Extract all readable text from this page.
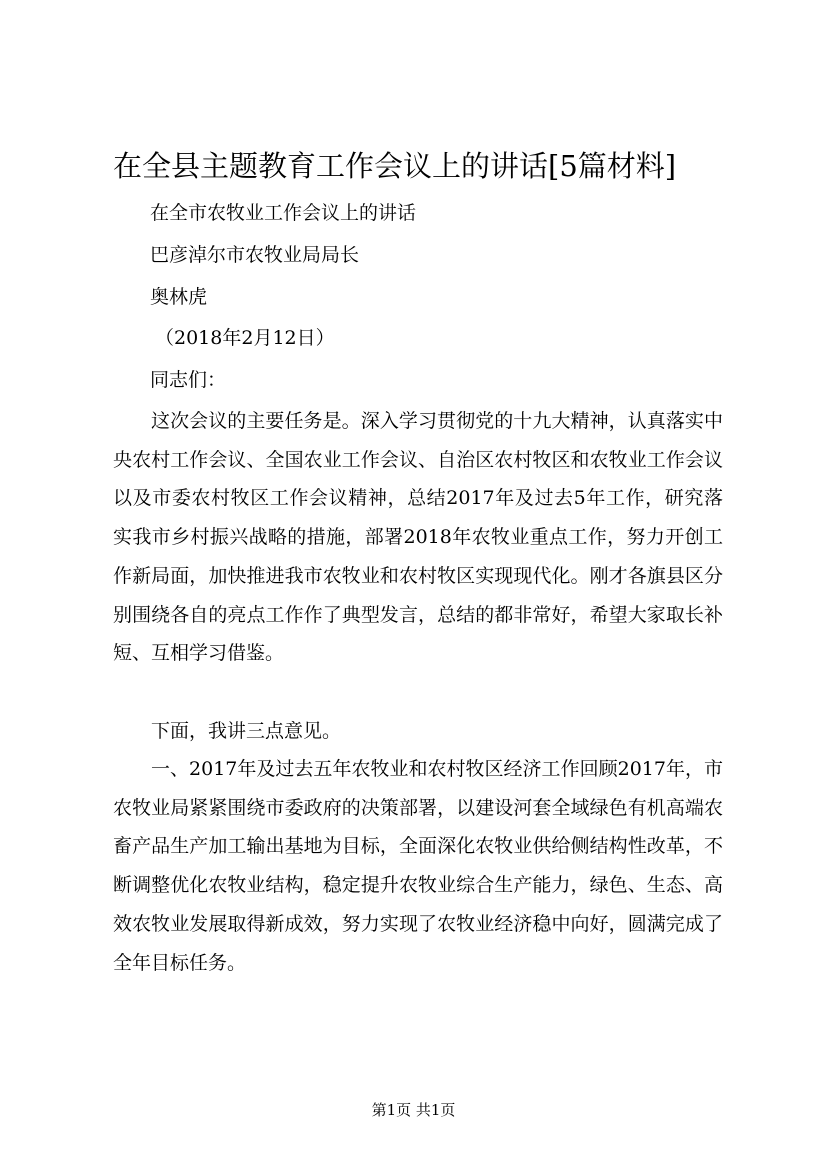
在全县主题教育工作会议上的讲话[5篇材料]
在全市农牧业工作会议上的讲话
巴彦淖尔市农牧业局局长
奥林虎
（2018年2月12日）
同志们：

这次会议的主要任务是。深入学习贯彻党的十九大精神，认真落实中央农村工作会议、全国农业工作会议、自治区农村牧区和农牧业工作会议以及市委农村牧区工作会议精神，总结2017年及过去5年工作，研究落实我市乡村振兴战略的措施，部署2018年农牧业重点工作，努力开创工作新局面，加快推进我市农牧业和农村牧区实现现代化。刚才各旗县区分别围绕各自的亮点工作作了典型发言，总结的都非常好，希望大家取长补短、互相学习借鉴。

下面，我讲三点意见。

一、2017年及过去五年农牧业和农村牧区经济工作回顾2017年，市农牧业局紧紧围绕市委政府的决策部署，以建设河套全域绿色有机高端农畜产品生产加工输出基地为目标，全面深化农牧业供给侧结构性改革，不断调整优化农牧业结构，稳定提升农牧业综合生产能力，绿色、生态、高效农牧业发展取得新成效，努力实现了农牧业经济稳中向好，圆满完成了全年目标任务。

第1页 共1页
